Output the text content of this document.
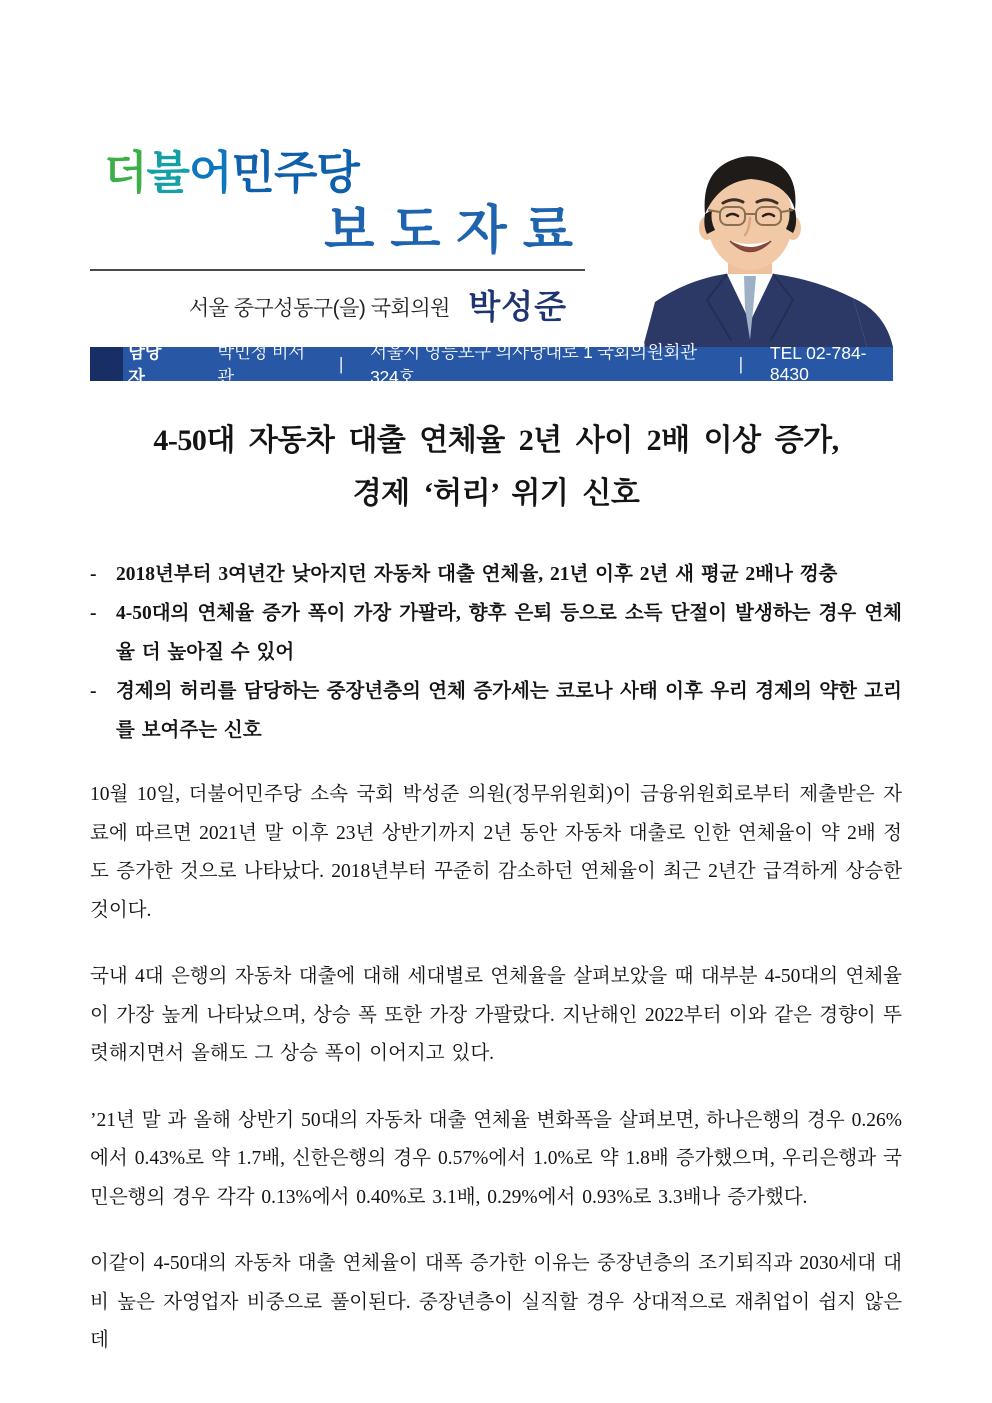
더불어민주당
보도자료
서울 중구성동구(을) 국회의원 박성준
담당자
박민정 비서관
|
서울시 영등포구 의사당대로 1 국회의원회관 324호
|
TEL 02-784-8430
4-50대 자동차 대출 연체율 2년 사이 2배 이상 증가,
경제 ‘허리’ 위기 신호
-	2018년부터 3여년간 낮아지던 자동차 대출 연체율, 21년 이후 2년 새 평균 2배나 껑충
-	4-50대의 연체율 증가 폭이 가장 가팔라, 향후 은퇴 등으로 소득 단절이 발생하는 경우 연체율 더 높아질 수 있어
-	경제의 허리를 담당하는 중장년층의 연체 증가세는 코로나 사태 이후 우리 경제의 약한 고리를 보여주는 신호

10월 10일, 더불어민주당 소속 국회 박성준 의원(정무위원회)이 금융위원회로부터 제출받은 자료에 따르면 2021년 말 이후 23년 상반기까지 2년 동안 자동차 대출로 인한 연체율이 약 2배 정도 증가한 것으로 나타났다. 2018년부터 꾸준히 감소하던 연체율이 최근 2년간 급격하게 상승한 것이다.

국내 4대 은행의 자동차 대출에 대해 세대별로 연체율을 살펴보았을 때 대부분 4-50대의 연체율이 가장 높게 나타났으며, 상승 폭 또한 가장 가팔랐다. 지난해인 2022부터 이와 같은 경향이 뚜렷해지면서 올해도 그 상승 폭이 이어지고 있다.

’21년 말 과 올해 상반기 50대의 자동차 대출 연체율 변화폭을 살펴보면, 하나은행의 경우 0.26%에서 0.43%로 약 1.7배, 신한은행의 경우 0.57%에서 1.0%로 약 1.8배 증가했으며, 우리은행과 국민은행의 경우 각각 0.13%에서 0.40%로 3.1배, 0.29%에서 0.93%로 3.3배나 증가했다.

이같이 4-50대의 자동차 대출 연체율이 대폭 증가한 이유는 중장년층의 조기퇴직과 2030세대 대비 높은 자영업자 비중으로 풀이된다. 중장년층이 실직할 경우 상대적으로 재취업이 쉽지 않은데
